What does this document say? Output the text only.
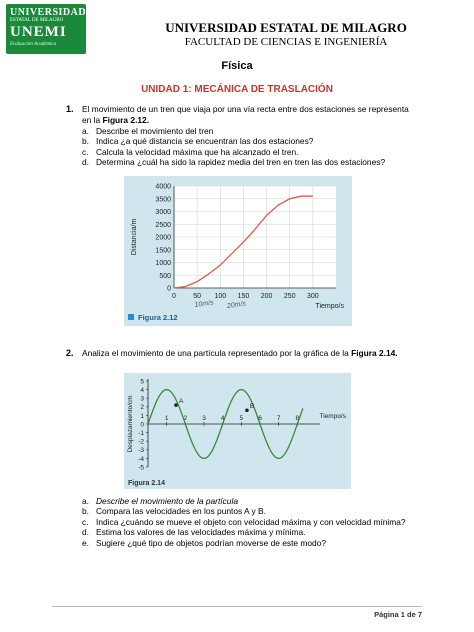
UNIVERSIDAD
ESTATAL DE MILAGRO
UNEMI
Evaluación Académica
UNIVERSIDAD ESTATAL DE MILAGRO
FACULTAD DE CIENCIAS E INGENIERÍA
Física
UNIDAD 1: MECÁNICA DE TRASLACIÓN
1. El movimiento de un tren que viaja por una vía recta entre dos estaciones se representa en la Figura 2.12.
a. Describe el movimiento del tren
b. Indica ¿a qué distancia se encuentran las dos estaciones?
c. Calcula la velocidad máxima que ha alcanzado el tren.
d. Determina ¿cuál ha sido la rapidez media del tren en tren las dos estaciones?
0 50 100 150 200 250 300
0
500
1000
1500
2000
2500
3000
3500
4000
Distancia/m
Tiempo/s
10m/s 20m/s
Figura 2.12
2. Analiza el movimiento de una partícula representado por la gráfica de la Figura 2.14.
5
4
3
2
1
0
-1
-2
-3
-4
-5
1 2 3 4 5 6 7 8
A
B
Desplazamiento/cm	Tiempo/s
Figura 2.14
a. Describe el movimiento de la partícula
b. Compara las velocidades en los puntos A y B.
c. Indica ¿cuándo se mueve el objeto con velocidad máxima y con velocidad mínima?
d. Estima los valores de las velocidades máxima y mínima.
e. Sugiere ¿qué tipo de objetos podrían moverse de este modo?
Página 1 de 7
